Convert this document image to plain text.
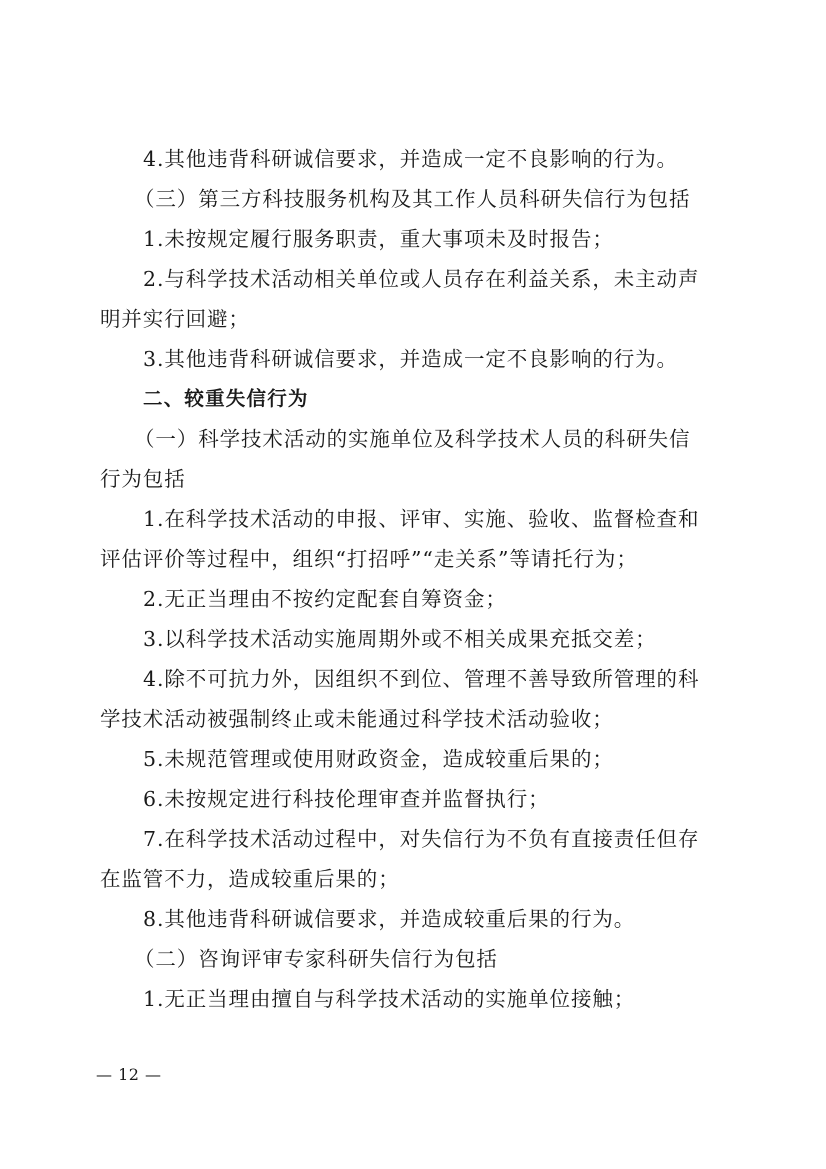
4.其他违背科研诚信要求，并造成一定不良影响的行为。
（三）第三方科技服务机构及其工作人员科研失信行为包括
1.未按规定履行服务职责，重大事项未及时报告；
2.与科学技术活动相关单位或人员存在利益关系，未主动声
明并实行回避；
3.其他违背科研诚信要求，并造成一定不良影响的行为。
二、较重失信行为
（一）科学技术活动的实施单位及科学技术人员的科研失信
行为包括
1.在科学技术活动的申报、评审、实施、验收、监督检查和
评估评价等过程中，组织“打招呼”“走关系”等请托行为；
2.无正当理由不按约定配套自筹资金；
3.以科学技术活动实施周期外或不相关成果充抵交差；
4.除不可抗力外，因组织不到位、管理不善导致所管理的科
学技术活动被强制终止或未能通过科学技术活动验收；
5.未规范管理或使用财政资金，造成较重后果的；
6.未按规定进行科技伦理审查并监督执行；
7.在科学技术活动过程中，对失信行为不负有直接责任但存
在监管不力，造成较重后果的；
8.其他违背科研诚信要求，并造成较重后果的行为。
（二）咨询评审专家科研失信行为包括
1.无正当理由擅自与科学技术活动的实施单位接触；
— 12 —
